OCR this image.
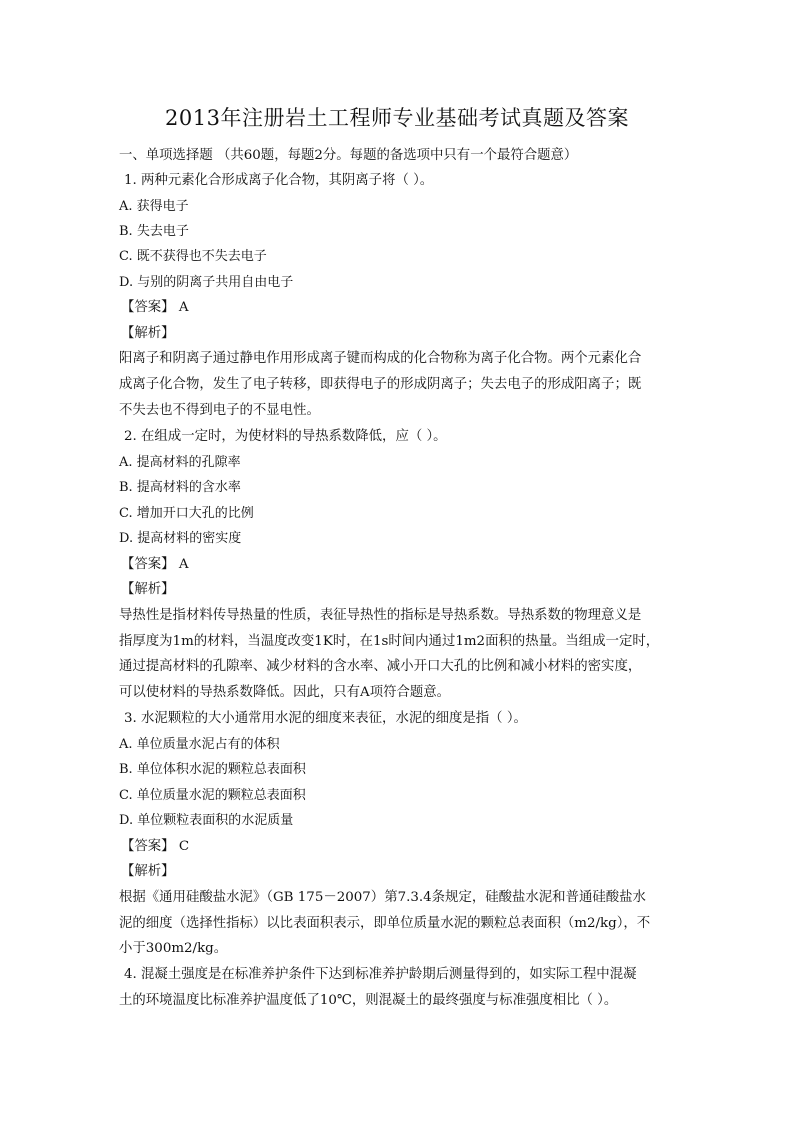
2013年注册岩土工程师专业基础考试真题及答案
一、单项选择题 （共60题，每题2分。每题的备选项中只有一个最符合题意）
1. 两种元素化合形成离子化合物，其阴离子将（ ）。
A. 获得电子
B. 失去电子
C. 既不获得也不失去电子
D. 与别的阴离子共用自由电子
【答案】 A
【解析】
阳离子和阴离子通过静电作用形成离子键而构成的化合物称为离子化合物。两个元素化合
成离子化合物，发生了电子转移，即获得电子的形成阴离子；失去电子的形成阳离子；既
不失去也不得到电子的不显电性。
2. 在组成一定时，为使材料的导热系数降低，应（ ）。
A. 提高材料的孔隙率
B. 提高材料的含水率
C. 增加开口大孔的比例
D. 提高材料的密实度
【答案】 A
【解析】
导热性是指材料传导热量的性质，表征导热性的指标是导热系数。导热系数的物理意义是
指厚度为1m的材料，当温度改变1K时，在1s时间内通过1m2面积的热量。当组成一定时，
通过提高材料的孔隙率、减少材料的含水率、减小开口大孔的比例和减小材料的密实度，
可以使材料的导热系数降低。因此，只有A项符合题意。
3. 水泥颗粒的大小通常用水泥的细度来表征，水泥的细度是指（ ）。
A. 单位质量水泥占有的体积
B. 单位体积水泥的颗粒总表面积
C. 单位质量水泥的颗粒总表面积
D. 单位颗粒表面积的水泥质量
【答案】 C
【解析】
根据《通用硅酸盐水泥》（GB 175－2007）第7.3.4条规定，硅酸盐水泥和普通硅酸盐水
泥的细度（选择性指标）以比表面积表示，即单位质量水泥的颗粒总表面积（m2/kg），不
小于300m2/kg。
4. 混凝土强度是在标准养护条件下达到标准养护龄期后测量得到的，如实际工程中混凝
土的环境温度比标准养护温度低了10℃，则混凝土的最终强度与标准强度相比（ ）。
